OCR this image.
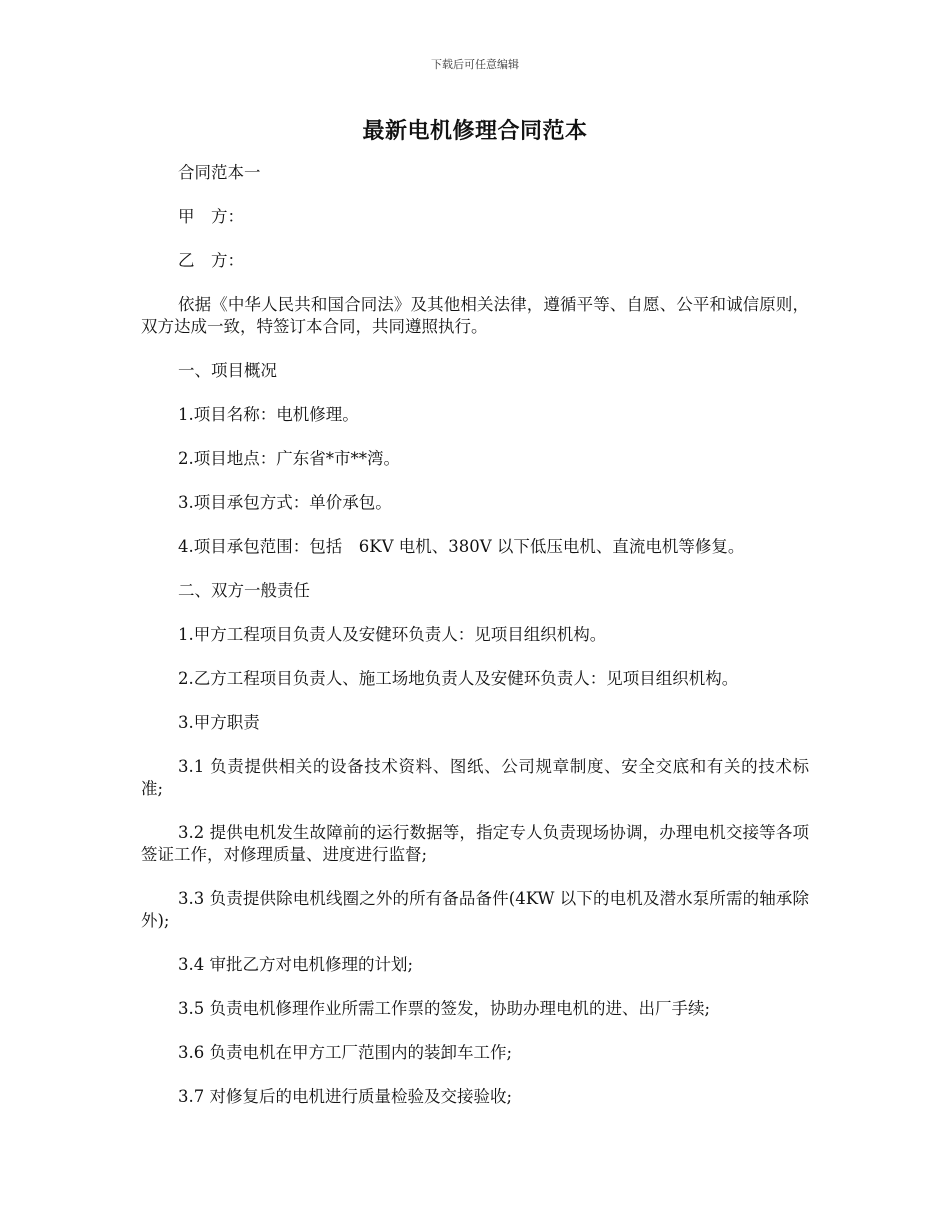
下载后可任意编辑
最新电机修理合同范本

合同范本一

甲　方：

乙　方：

依据《中华人民共和国合同法》及其他相关法律，遵循平等、自愿、公平和诚信原则，双方达成一致，特签订本合同，共同遵照执行。

一、项目概况

1.项目名称：电机修理。

2.项目地点：广东省*市**湾。

3.项目承包方式：单价承包。

4.项目承包范围：包括　6KV 电机、380V 以下低压电机、直流电机等修复。

二、双方一般责任

1.甲方工程项目负责人及安健环负责人：见项目组织机构。

2.乙方工程项目负责人、施工场地负责人及安健环负责人：见项目组织机构。

3.甲方职责

3.1 负责提供相关的设备技术资料、图纸、公司规章制度、安全交底和有关的技术标准;

3.2 提供电机发生故障前的运行数据等，指定专人负责现场协调，办理电机交接等各项签证工作，对修理质量、进度进行监督;

3.3 负责提供除电机线圈之外的所有备品备件(4KW 以下的电机及潜水泵所需的轴承除外);

3.4 审批乙方对电机修理的计划;

3.5 负责电机修理作业所需工作票的签发，协助办理电机的进、出厂手续;

3.6 负责电机在甲方工厂范围内的装卸车工作;

3.7 对修复后的电机进行质量检验及交接验收;
